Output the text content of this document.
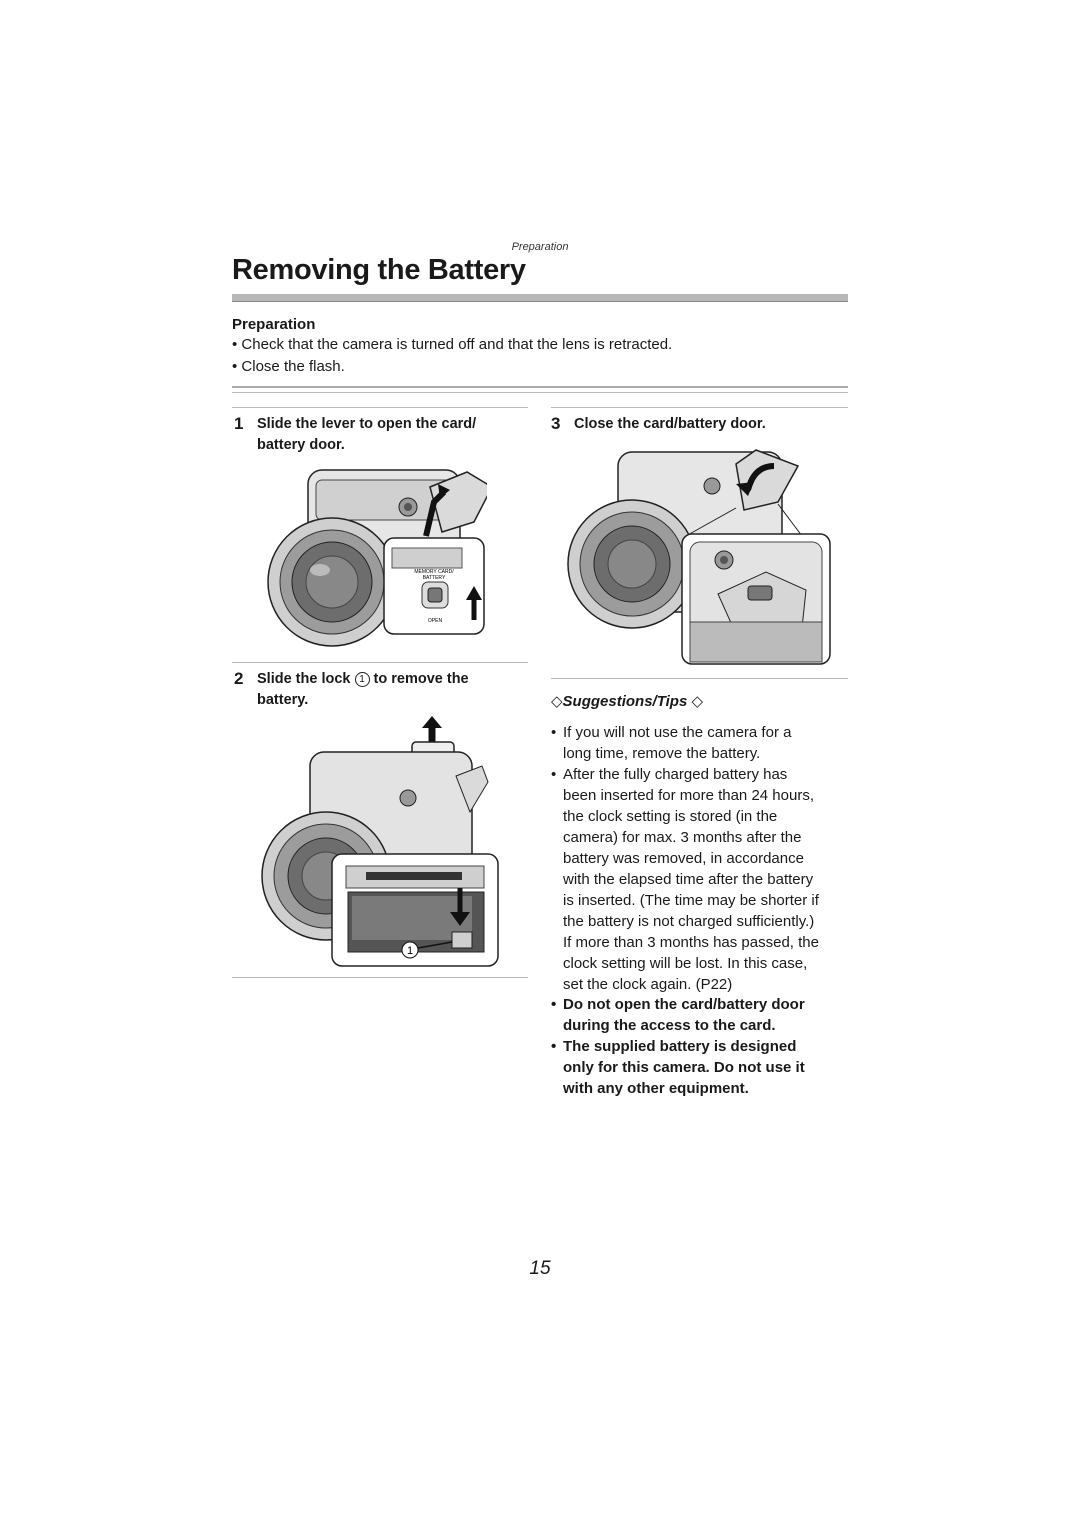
Preparation
Removing the Battery
Preparation
• Check that the camera is turned off and that the lens is retracted.
• Close the flash.
1 Slide the lever to open the card/
battery door.
MEMORY CARD/
BATTERY
OPEN
2 Slide the lock 1 to remove the
battery.
1
3 Close the card/battery door.
◇Suggestions/Tips ◇
• If you will not use the camera for a
long time, remove the battery.
• After the fully charged battery has
been inserted for more than 24 hours,
the clock setting is stored (in the
camera) for max. 3 months after the
battery was removed, in accordance
with the elapsed time after the battery
is inserted. (The time may be shorter if
the battery is not charged sufficiently.)
If more than 3 months has passed, the
clock setting will be lost. In this case,
set the clock again. (P22)
• Do not open the card/battery door
during the access to the card.
• The supplied battery is designed
only for this camera. Do not use it
with any other equipment.
15
